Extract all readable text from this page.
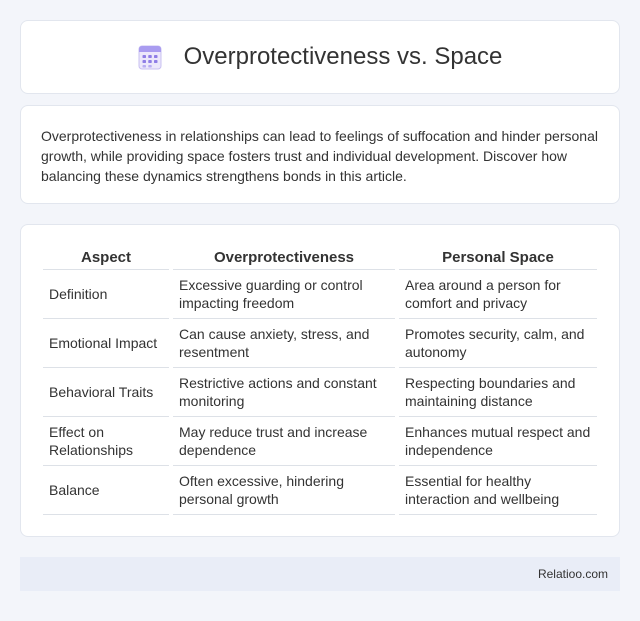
Overprotectiveness vs. Space

Overprotectiveness in relationships can lead to feelings of suffocation and hinder personal growth, while providing space fosters trust and individual development. Discover how balancing these dynamics strengthens bonds in this article.

Aspect	Overprotectiveness	Personal Space
Definition	Excessive guarding or control impacting freedom	Area around a person for comfort and privacy
Emotional Impact	Can cause anxiety, stress, and resentment	Promotes security, calm, and autonomy
Behavioral Traits	Restrictive actions and constant monitoring	Respecting boundaries and maintaining distance
Effect on Relationships	May reduce trust and increase dependence	Enhances mutual respect and independence
Balance	Often excessive, hindering personal growth	Essential for healthy interaction and wellbeing
Relatioo.com
